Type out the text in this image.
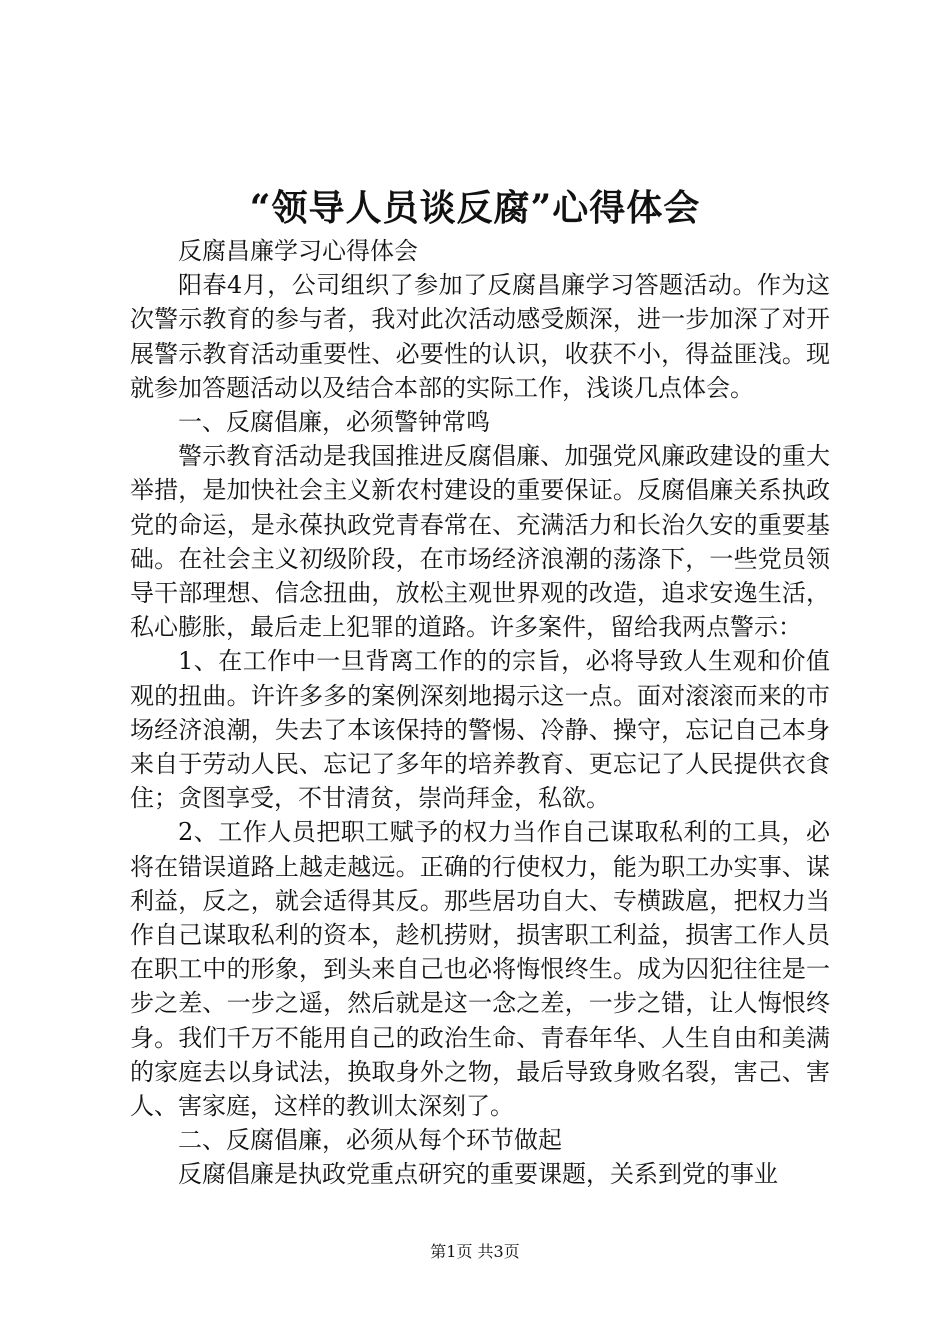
“领导人员谈反腐”心得体会

反腐昌廉学习心得体会

阳春4月，公司组织了参加了反腐昌廉学习答题活动。作为这次警示教育的参与者，我对此次活动感受颇深，进一步加深了对开展警示教育活动重要性、必要性的认识，收获不小，得益匪浅。现就参加答题活动以及结合本部的实际工作，浅谈几点体会。

一、反腐倡廉，必须警钟常鸣

警示教育活动是我国推进反腐倡廉、加强党风廉政建设的重大举措，是加快社会主义新农村建设的重要保证。反腐倡廉关系执政党的命运，是永葆执政党青春常在、充满活力和长治久安的重要基础。在社会主义初级阶段，在市场经济浪潮的荡涤下，一些党员领导干部理想、信念扭曲，放松主观世界观的改造，追求安逸生活，私心膨胀，最后走上犯罪的道路。许多案件，留给我两点警示：

1、在工作中一旦背离工作的的宗旨，必将导致人生观和价值观的扭曲。许许多多的案例深刻地揭示这一点。面对滚滚而来的市场经济浪潮，失去了本该保持的警惕、冷静、操守，忘记自己本身来自于劳动人民、忘记了多年的培养教育、更忘记了人民提供衣食住；贪图享受，不甘清贫，崇尚拜金，私欲。

2、工作人员把职工赋予的权力当作自己谋取私利的工具，必将在错误道路上越走越远。正确的行使权力，能为职工办实事、谋利益，反之，就会适得其反。那些居功自大、专横跋扈，把权力当作自己谋取私利的资本，趁机捞财，损害职工利益，损害工作人员在职工中的形象，到头来自己也必将悔恨终生。成为囚犯往往是一步之差、一步之遥，然后就是这一念之差，一步之错，让人悔恨终身。我们千万不能用自己的政治生命、青春年华、人生自由和美满的家庭去以身试法，换取身外之物，最后导致身败名裂，害己、害人、害家庭，这样的教训太深刻了。

二、反腐倡廉，必须从每个环节做起

反腐倡廉是执政党重点研究的重要课题，关系到党的事业

第1页 共3页
